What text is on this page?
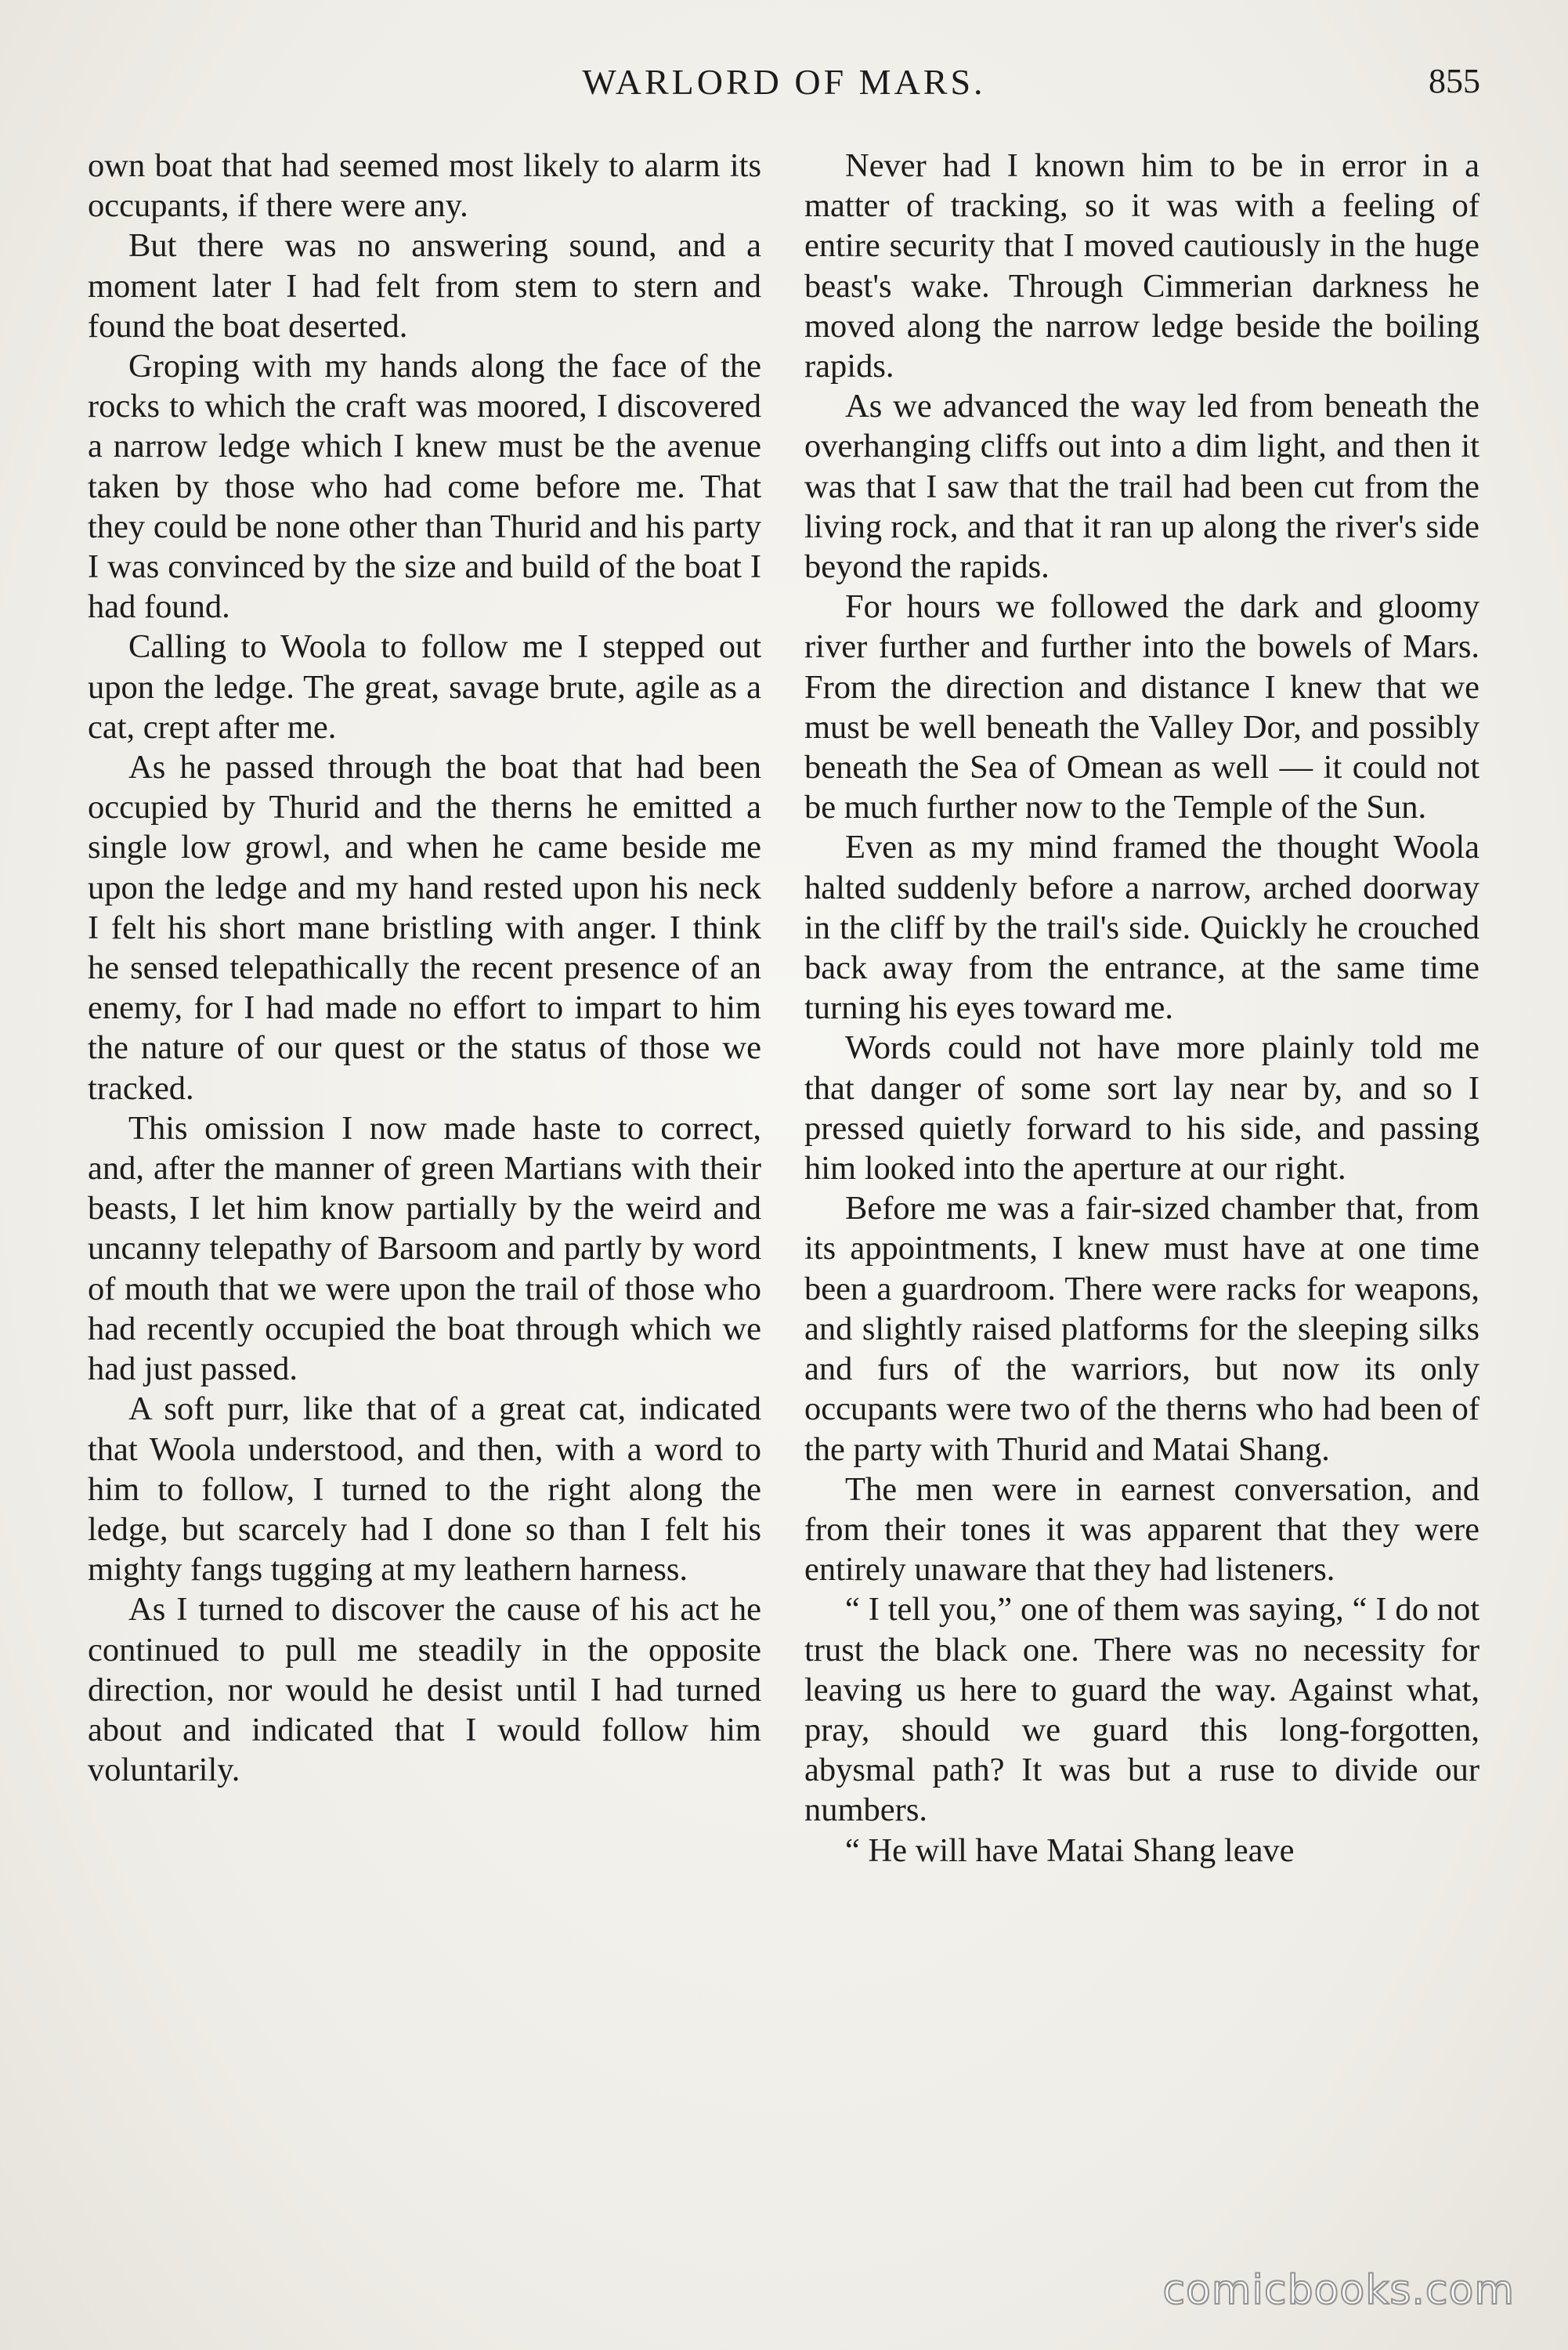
WARLORD OF MARS.	855

own boat that had seemed most likely to alarm its occupants, if there were any.

But there was no answering sound, and a moment later I had felt from stem to stern and found the boat deserted.

Groping with my hands along the face of the rocks to which the craft was moored, I discovered a narrow ledge which I knew must be the avenue taken by those who had come before me. That they could be none other than Thurid and his party I was convinced by the size and build of the boat I had found.

Calling to Woola to follow me I stepped out upon the ledge. The great, savage brute, agile as a cat, crept after me.

As he passed through the boat that had been occupied by Thurid and the therns he emitted a single low growl, and when he came beside me upon the ledge and my hand rested upon his neck I felt his short mane bristling with anger. I think he sensed telepathically the recent presence of an enemy, for I had made no effort to impart to him the nature of our quest or the status of those we tracked.

This omission I now made haste to correct, and, after the manner of green Martians with their beasts, I let him know partially by the weird and uncanny telepathy of Barsoom and partly by word of mouth that we were upon the trail of those who had recently occupied the boat through which we had just passed.

A soft purr, like that of a great cat, indicated that Woola understood, and then, with a word to him to follow, I turned to the right along the ledge, but scarcely had I done so than I felt his mighty fangs tugging at my leathern harness.

As I turned to discover the cause of his act he continued to pull me steadily in the opposite direction, nor would he desist until I had turned about and indicated that I would follow him voluntarily.

Never had I known him to be in error in a matter of tracking, so it was with a feeling of entire security that I moved cautiously in the huge beast's wake. Through Cimmerian darkness he moved along the narrow ledge beside the boiling rapids.

As we advanced the way led from beneath the overhanging cliffs out into a dim light, and then it was that I saw that the trail had been cut from the living rock, and that it ran up along the river's side beyond the rapids.

For hours we followed the dark and gloomy river further and further into the bowels of Mars. From the direction and distance I knew that we must be well beneath the Valley Dor, and possibly beneath the Sea of Omean as well — it could not be much further now to the Temple of the Sun.

Even as my mind framed the thought Woola halted suddenly before a narrow, arched doorway in the cliff by the trail's side. Quickly he crouched back away from the entrance, at the same time turning his eyes toward me.

Words could not have more plainly told me that danger of some sort lay near by, and so I pressed quietly forward to his side, and passing him looked into the aperture at our right.

Before me was a fair-sized chamber that, from its appointments, I knew must have at one time been a guardroom. There were racks for weapons, and slightly raised platforms for the sleeping silks and furs of the warriors, but now its only occupants were two of the therns who had been of the party with Thurid and Matai Shang.

The men were in earnest conversation, and from their tones it was apparent that they were entirely unaware that they had listeners.

“ I tell you,” one of them was saying, “ I do not trust the black one. There was no necessity for leaving us here to guard the way. Against what, pray, should we guard this long-forgotten, abysmal path? It was but a ruse to divide our numbers.

“ He will have Matai Shang leave

comicbooks.com
